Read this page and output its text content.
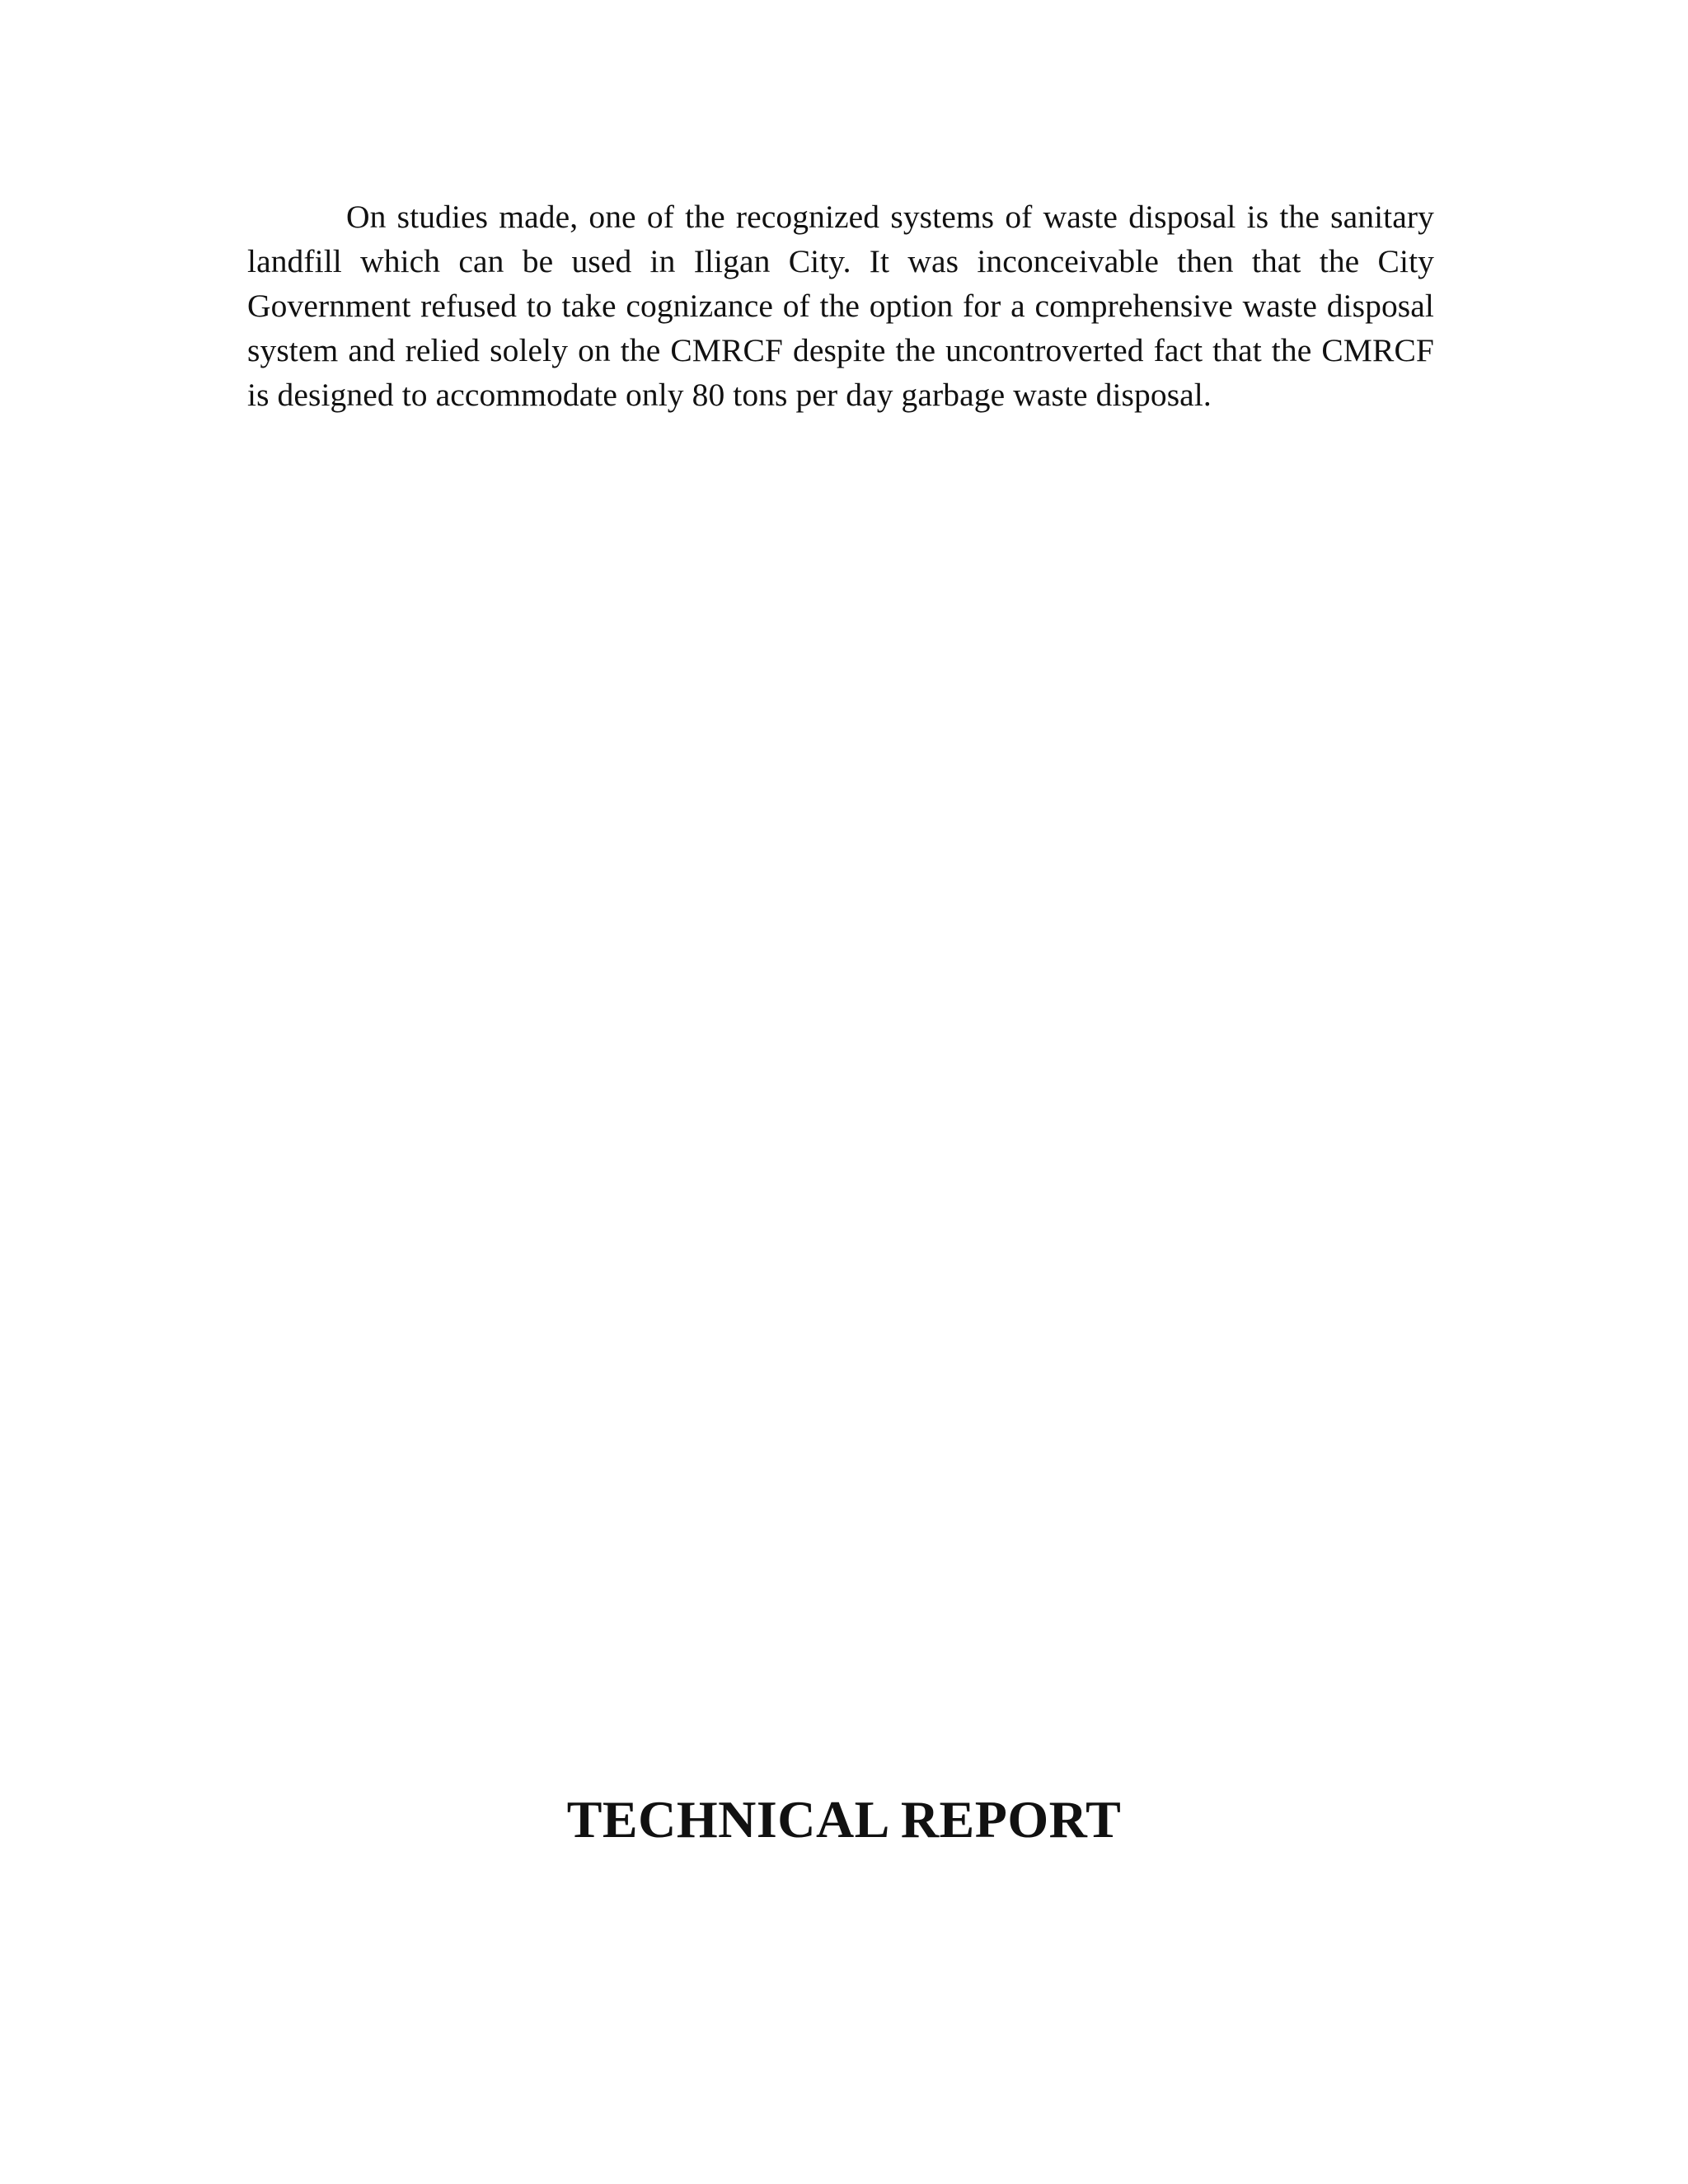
On studies made, one of the recognized systems of waste disposal is the sanitary landfill which can be used in Iligan City. It was inconceivable then that the City Government refused to take cognizance of the option for a comprehensive waste disposal system and relied solely on the CMRCF despite the uncontroverted fact that the CMRCF is designed to accommodate only 80 tons per day garbage waste disposal.

TECHNICAL REPORT
